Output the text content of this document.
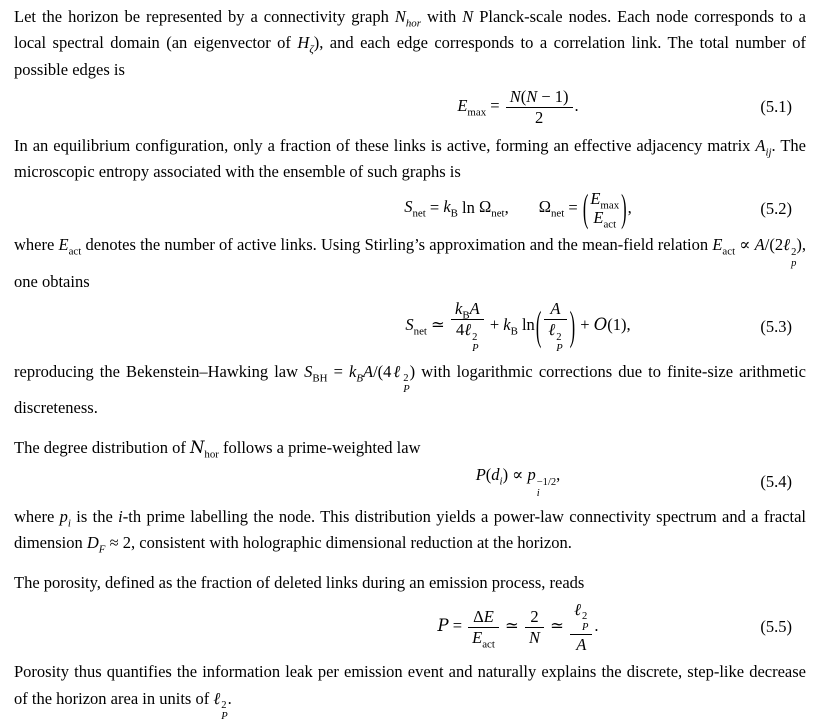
Let the horizon be represented by a connectivity graph $N_{hor}$ with N Planck-scale nodes. Each node corresponds to a local spectral domain (an eigenvector of $H_\zeta$), and each edge corresponds to a correlation link. The total number of possible edges is

$E_{max} = \frac{N(N - 1)}{2}$ .	(5.1)

In an equilibrium configuration, only a fraction of these links is active, forming an effective adjacency matrix $A_{ij}$. The microscopic entropy associated with the ensemble of such graphs is

$S_{net} = k_B$ $\ln \Omega_{net}$, $\Omega_{net}$ = ( $E_{max}$
$E_{act}$ ),	(5.2)

where $E_{act}$ denotes the number of active links. Using Stirling’s approximation and the mean-field relation $E_{act}$ ∝ A/(2ℓ 2
p
), one obtains

$S_{net}$ ≃ $k_BA$
4ℓ 2
$P + k_B$ ln( A
ℓ 2
P ) + O(1),	(5.3)

reproducing the Bekenstein–Hawking law $S_{BH}$ = $k_BA/(4\ell$ 2
P
) with logarithmic corrections due to finite-size arithmetic discreteness.

The degree distribution of $N_{hor}$ follows a prime-weighted law

$P(d_i) \propto p -1/2$
i
,	(5.4)

where $p_i$ is the i-th prime labelling the node. This distribution yields a power-law connectivity spectrum and a fractal dimension $D_F \approx 2$, consistent with holographic dimensional reduction at the horizon.

The porosity, defined as the fraction of deleted links during an emission process, reads

$P = \frac{\Delta E}{E_{act}}$ ≃ $\frac{2}{N}$ ≃ ℓ 2
P
A .	(5.5)

Porosity thus quantifies the information leak per emission event and naturally explains the discrete, step-like decrease of the horizon area in units of ℓ 2
P
.
